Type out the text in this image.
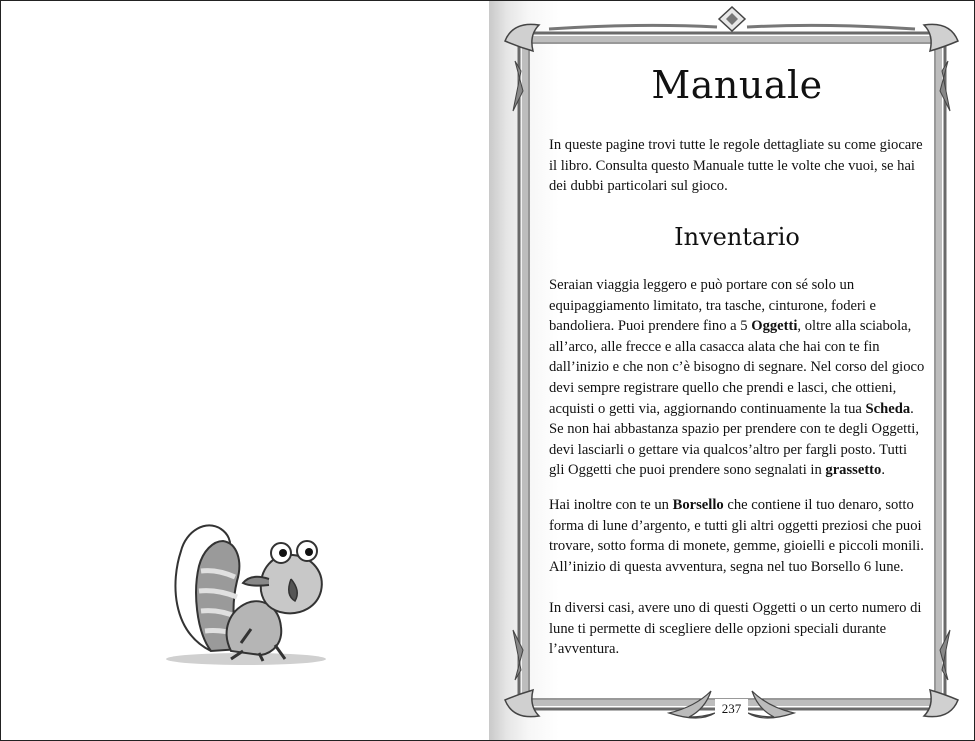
Manuale

In queste pagine trovi tutte le regole dettagliate su come giocare il libro. Consulta questo Manuale tutte le volte che vuoi, se hai dei dubbi particolari sul gioco.

Inventario

Seraian viaggia leggero e può portare con sé solo un equipaggiamento limitato, tra tasche, cinturone, foderi e bandoliera. Puoi prendere fino a 5 Oggetti, oltre alla sciabola, all’arco, alle frecce e alla casacca alata che hai con te fin dall’inizio e che non c’è bisogno di segnare. Nel corso del gioco devi sempre registrare quello che prendi e lasci, che ottieni, acquisti o getti via, aggiornando continuamente la tua Scheda. Se non hai abbastanza spazio per prendere con te degli Oggetti, devi lasciarli o gettare via qualcos’altro per fargli posto. Tutti gli Oggetti che puoi prendere sono segnalati in grassetto.

Hai inoltre con te un Borsello che contiene il tuo denaro, sotto forma di lune d’argento, e tutti gli altri oggetti preziosi che puoi trovare, sotto forma di monete, gemme, gioielli e piccoli monili. All’inizio di questa avventura, segna nel tuo Borsello 6 lune.

In diversi casi, avere uno di questi Oggetti o un certo numero di lune ti permette di scegliere delle opzioni speciali durante l’avventura.

237
